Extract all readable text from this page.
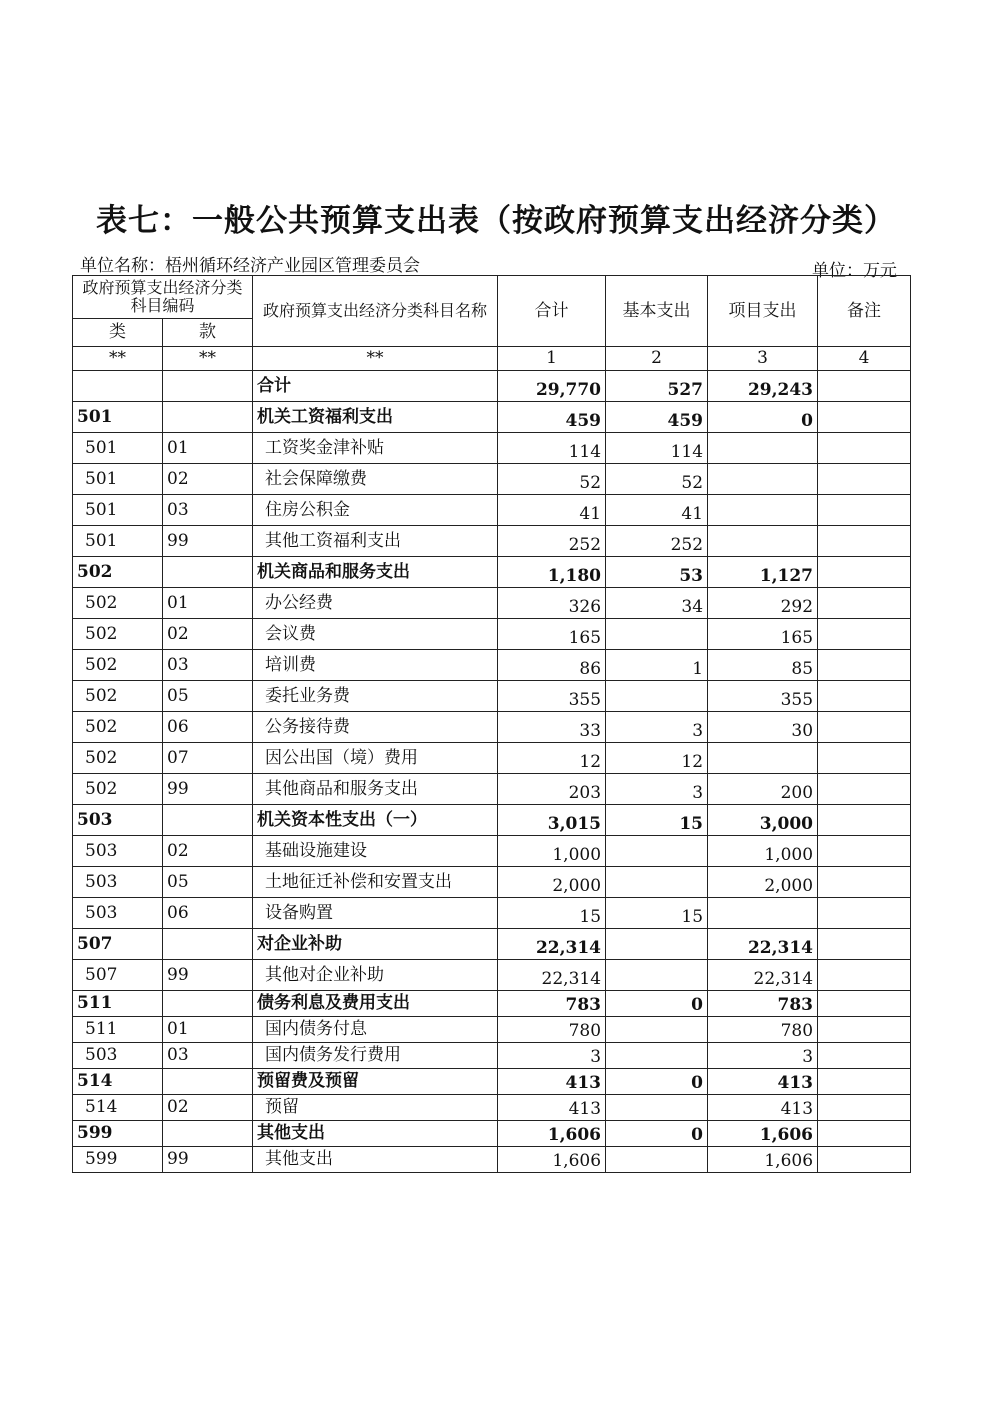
表七：一般公共预算支出表（按政府预算支出经济分类）
单位名称：梧州循环经济产业园区管理委员会	单位：万元
政府预算支出经济分类科目编码		政府预算支出经济分类科目名称	合计	基本支出	项目支出	备注
类	款					
**	**	**	1	2	3	4
		合计	29,770	527	29,243	
501		机关工资福利支出	459	459	0	
501	01	工资奖金津补贴	114	114		
501	02	社会保障缴费	52	52		
501	03	住房公积金	41	41		
501	99	其他工资福利支出	252	252		
502		机关商品和服务支出	1,180	53	1,127	
502	01	办公经费	326	34	292	
502	02	会议费	165		165	
502	03	培训费	86	1	85	
502	05	委托业务费	355		355	
502	06	公务接待费	33	3	30	
502	07	因公出国（境）费用	12	12		
502	99	其他商品和服务支出	203	3	200	
503		机关资本性支出（一）	3,015	15	3,000	
503	02	基础设施建设	1,000		1,000	
503	05	土地征迁补偿和安置支出	2,000		2,000	
503	06	设备购置	15	15		
507		对企业补助	22,314		22,314	
507	99	其他对企业补助	22,314		22,314	
511		债务利息及费用支出	783	0	783	
511	01	国内债务付息	780		780	
503	03	国内债务发行费用	3		3	
514		预留费及预留	413	0	413	
514	02	预留	413		413	
599		其他支出	1,606	0	1,606	
599	99	其他支出	1,606		1,606	
